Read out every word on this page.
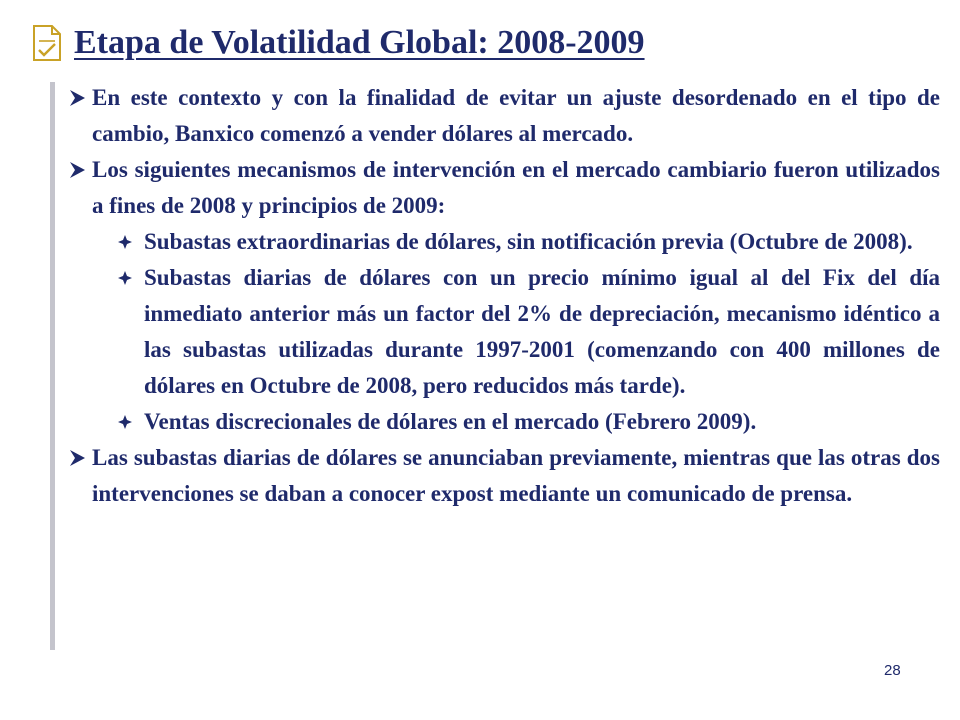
Etapa de Volatilidad Global: 2008-2009
En este contexto y con la finalidad de evitar un ajuste desordenado en el tipo de cambio, Banxico comenzó a vender dólares al mercado.
Los siguientes mecanismos de intervención en el mercado cambiario fueron utilizados a fines de 2008 y principios de 2009:
Subastas extraordinarias de dólares, sin notificación previa (Octubre de 2008).
Subastas diarias de dólares con un precio mínimo igual al del Fix del día inmediato anterior más un factor del 2% de depreciación, mecanismo idéntico a las subastas utilizadas durante 1997-2001 (comenzando con 400 millones de dólares en Octubre de 2008, pero reducidos más tarde).
Ventas discrecionales de dólares en el mercado (Febrero 2009).
Las subastas diarias de dólares se anunciaban previamente, mientras que las otras dos intervenciones se daban a conocer expost mediante un comunicado de prensa.
28
